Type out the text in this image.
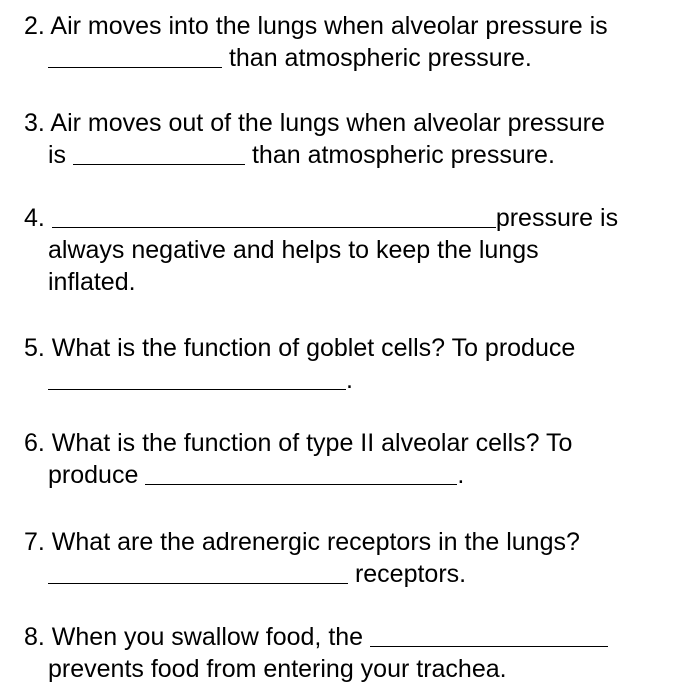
2. Air moves into the lungs when alveolar pressure is
than atmospheric pressure.
3. Air moves out of the lungs when alveolar pressure
is	than atmospheric pressure.
4.	pressure is
always negative and helps to keep the lungs
inflated.
5. What is the function of goblet cells? To produce
.
6. What is the function of type II alveolar cells? To
produce	.
7. What are the adrenergic receptors in the lungs?
receptors.
8. When you swallow food, the
prevents food from entering your trachea.
